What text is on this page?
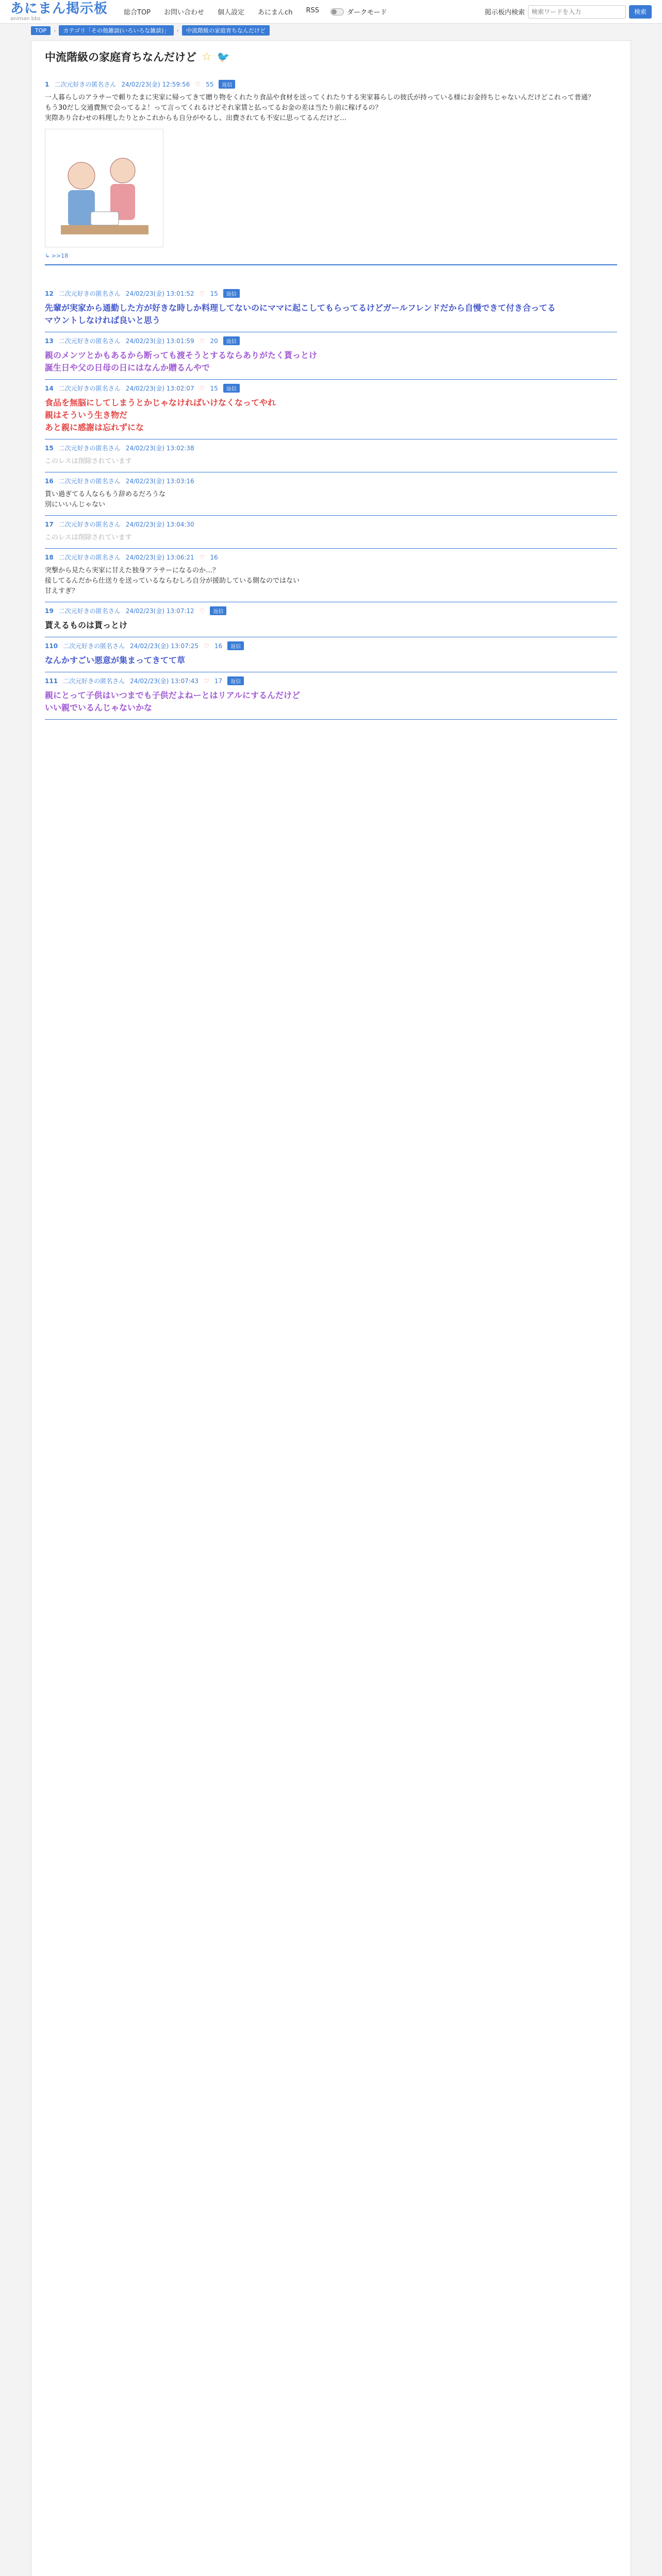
あにまん掲示板
animan bbs
総合TOP お問い合わせ 個人設定 あにまんch RSS	ダークモード	掲示板内検索
検索ワードを入力	検索
TOP	›	カテゴリ「その他雑談(いろいろな雑談)」	›	中流階級の家庭育ちなんだけど
中流階級の家庭育ちなんだけど ☆ 🐦
1 二次元好きの匿名さん 24/02/23(金) 12:59:56 ♡ 55	返信
一人暮らしのアラサーで頼りたまに実家に帰ってきて贈り物をくれたり食品や食材を送ってくれたりする実家暮らしの彼氏が持っている様にお金持ちじゃないんだけどこれって普通？
もう30だし交通費無で会ってるよ！って言ってくれるけどそれ家賃と払ってるお金の差は当たり前に稼げるの？
実際あり合わせの料理したりとかこれからも自分がやるし、出費されても不安に思ってるんだけど…
↳ >>18
12 二次元好きの匿名さん 24/02/23(金) 13:01:52 ♡ 15	返信
先輩が実家から通勤した方が好きな時しか料理してないのにママに起こしてもらってるけどガールフレンドだから自慢できて付き合ってる
マウントしなければ良いと思う
13 二次元好きの匿名さん 24/02/23(金) 13:01:59 ♡ 20	返信
親のメンツとかもあるから断っても渡そうとするならありがたく貰っとけ
誕生日や父の日母の日にはなんか贈るんやで
14 二次元好きの匿名さん 24/02/23(金) 13:02:07 ♡ 15	返信
食品を無脳にしてしまうとかじゃなければいけなくなってやれ
親はそういう生き物だ
あと親に感謝は忘れずにな
15 二次元好きの匿名さん 24/02/23(金) 13:02:38
このレスは削除されています
16 二次元好きの匿名さん 24/02/23(金) 13:03:16
貰い過ぎてる人ならもう辞めるだろうな
別にいいんじゃない
17 二次元好きの匿名さん 24/02/23(金) 13:04:30
このレスは削除されています
18 二次元好きの匿名さん 24/02/23(金) 13:06:21 ♡ 16
突撃から見たら実家に甘えた独身アラサーになるのか…？
接してるんだから仕送りを送っているならむしろ自分が援助している側なのではない
甘えすぎ？
19 二次元好きの匿名さん 24/02/23(金) 13:07:12 ♡	返信
貰えるものは貰っとけ
110 二次元好きの匿名さん 24/02/23(金) 13:07:25 ♡ 16	返信
なんかすごい悪意が集まってきてて草
111 二次元好きの匿名さん 24/02/23(金) 13:07:43 ♡ 17	返信
親にとって子供はいつまでも子供だよねーとはリアルにするんだけど
いい親でいるんじゃないかな
